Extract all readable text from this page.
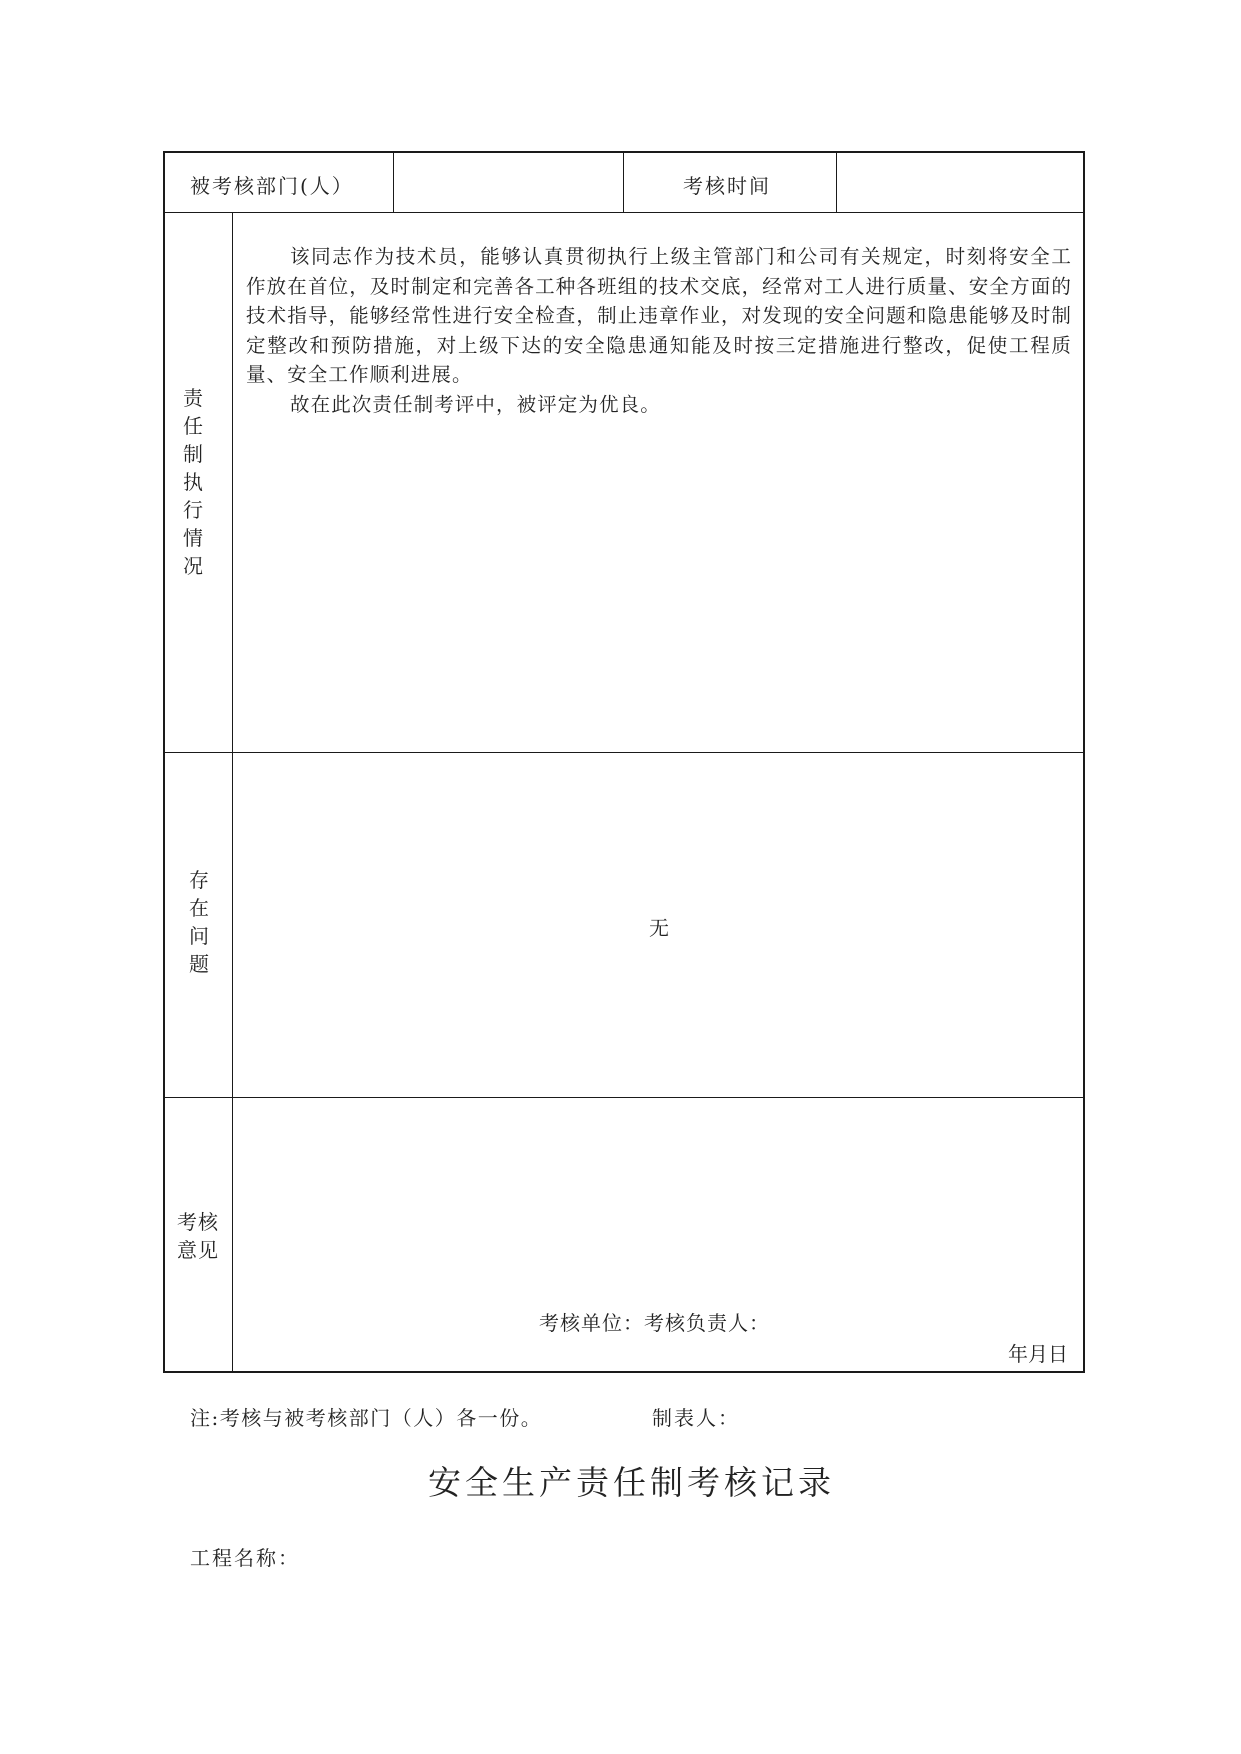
被考核部门(人）	考核时间
责任制执行情况

该同志作为技术员，能够认真贯彻执行上级主管部门和公司有关规定，时刻将安全工作放在首位，及时制定和完善各工种各班组的技术交底，经常对工人进行质量、安全方面的技术指导，能够经常性进行安全检查，制止违章作业，对发现的安全问题和隐患能够及时制定整改和预防措施，对上级下达的安全隐患通知能及时按三定措施进行整改，促使工程质量、安全工作顺利进展。

故在此次责任制考评中，被评定为优良。

存在问题
无
考核
意见
考核单位：考核负责人：
年月日
注:考核与被考核部门（人）各一份。	制表人：
安全生产责任制考核记录
工程名称：
